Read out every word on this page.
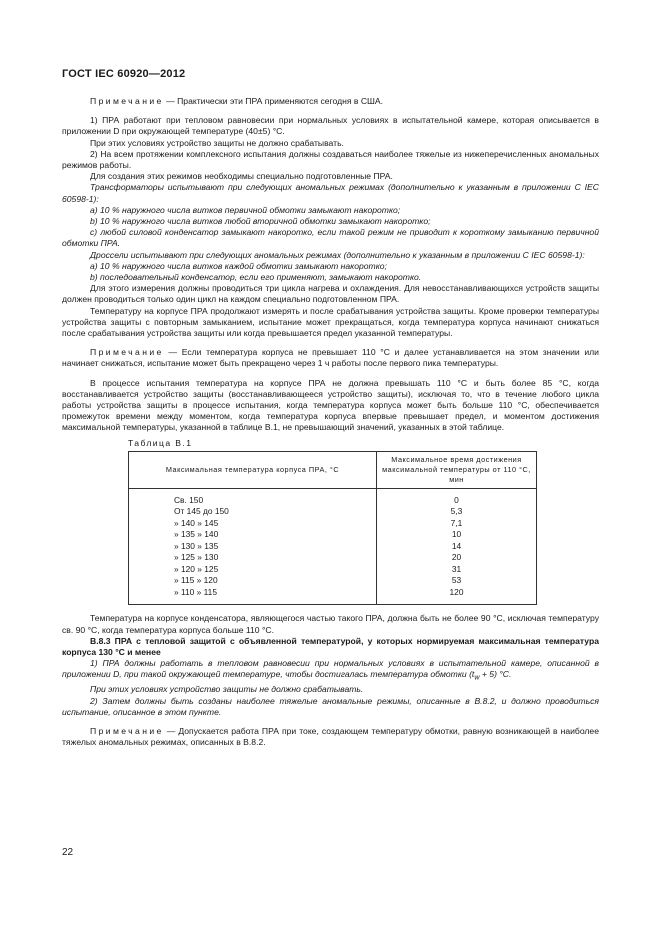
ГОСТ IEC 60920—2012

Примечание — Практически эти ПРА применяются сегодня в США.

1) ПРА работают при тепловом равновесии при нормальных условиях в испытательной камере, которая описывается в приложении D при окружающей температуре (40±5) °С.

При этих условиях устройство защиты не должно срабатывать.

2) На всем протяжении комплексного испытания должны создаваться наиболее тяжелые из нижеперечисленных аномальных режимов работы.

Для создания этих режимов необходимы специально подготовленные ПРА.

Трансформаторы испытывают при следующих аномальных режимах (дополнительно к указанным в приложении С IEC 60598-1):

а) 10 % наружного числа витков первичной обмотки замыкают накоротко;

b) 10 % наружного числа витков любой вторичной обмотки замыкают накоротко;

с) любой силовой конденсатор замыкают накоротко, если такой режим не приводит к короткому замыканию первичной обмотки ПРА.

Дроссели испытывают при следующих аномальных режимах (дополнительно к указанным в приложении С IEC 60598-1):

а) 10 % наружного числа витков каждой обмотки замыкают накоротко;

b) последовательный конденсатор, если его применяют, замыкают накоротко.

Для этого измерения должны проводиться три цикла нагрева и охлаждения. Для невосстанавливающихся устройств защиты должен проводиться только один цикл на каждом специально подготовленном ПРА.

Температуру на корпусе ПРА продолжают измерять и после срабатывания устройства защиты. Кроме проверки температуры устройства защиты с повторным замыканием, испытание может прекращаться, когда температура корпуса начинают снижаться после срабатывания устройства защиты или когда превышается предел указанной температуры.

Примечание — Если температура корпуса не превышает 110 °С и далее устанавливается на этом значении или начинает снижаться, испытание может быть прекращено через 1 ч работы после первого пика температуры.

В процессе испытания температура на корпусе ПРА не должна превышать 110 °С и быть более 85 °С, когда восстанавливается устройство защиты (восстанавливающееся устройство защиты), исключая то, что в течение любого цикла работы устройства защиты в процессе испытания, когда температура корпуса может быть больше 110 °С, обеспечивается промежуток времени между моментом, когда температура корпуса впервые превышает предел, и моментом достижения максимальной температуры, указанной в таблице В.1, не превышающий значений, указанных в этой таблице.

Таблица В.1

Максимальная температура корпуса ПРА, °С	Максимальное время достижения максимальной температуры от 110 °С, мин
Св. 150	0
От 145 до 150	5,3
» 140 » 145	7,1
» 135 » 140	10
» 130 » 135	14
» 125 » 130	20
» 120 » 125	31
» 115 » 120	53
» 110 » 115	120

Температура на корпусе конденсатора, являющегося частью такого ПРА, должна быть не более 90 °С, исключая температуру св. 90 °С, когда температура корпуса больше 110 °С.

В.8.3 ПРА с тепловой защитой с объявленной температурой, у которых нормируемая максимальная температура корпуса 130 °С и менее

1) ПРА должны работать в тепловом равновесии при нормальных условиях в испытательной камере, описанной в приложении D, при такой окружающей температуре, чтобы достигалась температура обмотки $(t_w + 5)$ °С.

При этих условиях устройство защиты не должно срабатывать.

2) Затем должны быть созданы наиболее тяжелые аномальные режимы, описанные в В.8.2, и должно проводиться испытание, описанное в этом пункте.

Примечание — Допускается работа ПРА при токе, создающем температуру обмотки, равную возникающей в наиболее тяжелых аномальных режимах, описанных в В.8.2.

22
